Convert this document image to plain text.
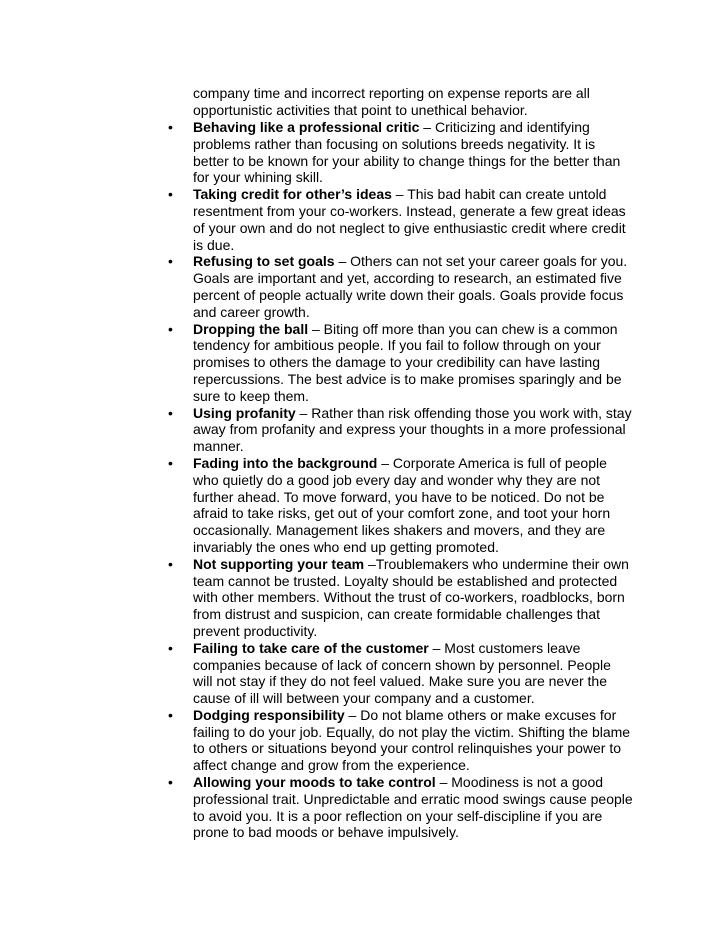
company time and incorrect reporting on expense reports are all opportunistic activities that point to unethical behavior.

•	Behaving like a professional critic – Criticizing and identifying problems rather than focusing on solutions breeds negativity. It is better to be known for your ability to change things for the better than for your whining skill.
•	Taking credit for other’s ideas – This bad habit can create untold resentment from your co-workers. Instead, generate a few great ideas of your own and do not neglect to give enthusiastic credit where credit is due.
•	Refusing to set goals – Others can not set your career goals for you. Goals are important and yet, according to research, an estimated five percent of people actually write down their goals. Goals provide focus and career growth.
•	Dropping the ball – Biting off more than you can chew is a common tendency for ambitious people. If you fail to follow through on your promises to others the damage to your credibility can have lasting repercussions. The best advice is to make promises sparingly and be sure to keep them.
•	Using profanity – Rather than risk offending those you work with, stay away from profanity and express your thoughts in a more professional manner.
•	Fading into the background – Corporate America is full of people who quietly do a good job every day and wonder why they are not further ahead. To move forward, you have to be noticed. Do not be afraid to take risks, get out of your comfort zone, and toot your horn occasionally. Management likes shakers and movers, and they are invariably the ones who end up getting promoted.
•	Not supporting your team –Troublemakers who undermine their own team cannot be trusted. Loyalty should be established and protected with other members. Without the trust of co-workers, roadblocks, born from distrust and suspicion, can create formidable challenges that prevent productivity.
•	Failing to take care of the customer – Most customers leave companies because of lack of concern shown by personnel. People will not stay if they do not feel valued. Make sure you are never the cause of ill will between your company and a customer.
•	Dodging responsibility – Do not blame others or make excuses for failing to do your job. Equally, do not play the victim. Shifting the blame to others or situations beyond your control relinquishes your power to affect change and grow from the experience.
•	Allowing your moods to take control – Moodiness is not a good professional trait. Unpredictable and erratic mood swings cause people to avoid you. It is a poor reflection on your self-discipline if you are prone to bad moods or behave impulsively.
